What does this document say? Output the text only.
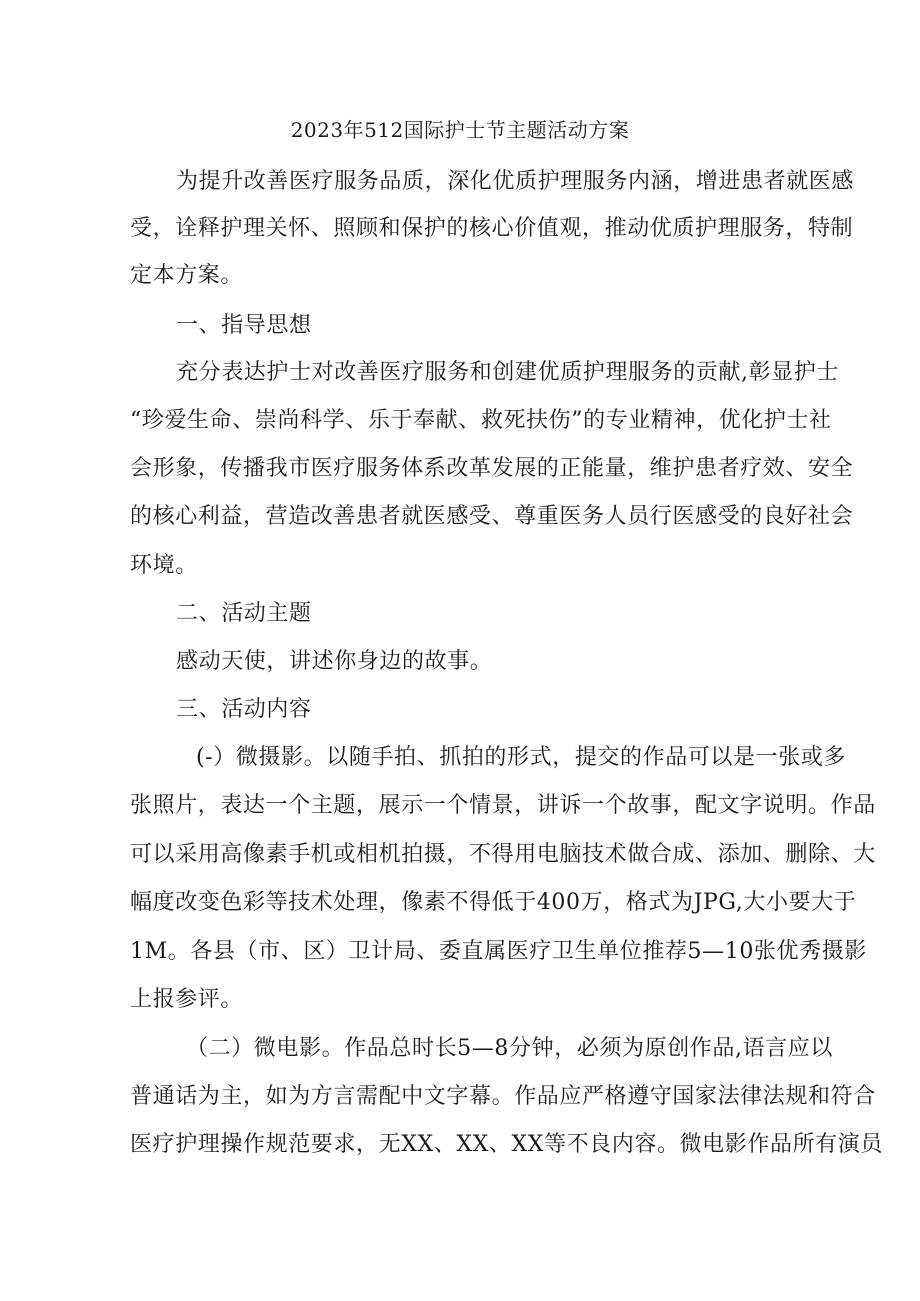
2023年512国际护士节主题活动方案
为提升改善医疗服务品质，深化优质护理服务内涵，增进患者就医感
受，诠释护理关怀、照顾和保护的核心价值观，推动优质护理服务，特制
定本方案。
一、指导思想
充分表达护士对改善医疗服务和创建优质护理服务的贡献,彰显护士
“珍爱生命、崇尚科学、乐于奉献、救死扶伤”的专业精神，优化护士社
会形象，传播我市医疗服务体系改革发展的正能量，维护患者疗效、安全
的核心利益，营造改善患者就医感受、尊重医务人员行医感受的良好社会
环境。
二、活动主题
感动天使，讲述你身边的故事。
三、活动内容
(-）微摄影。以随手拍、抓拍的形式，提交的作品可以是一张或多
张照片，表达一个主题，展示一个情景，讲诉一个故事，配文字说明。作品
可以采用高像素手机或相机拍摄，不得用电脑技术做合成、添加、删除、大
幅度改变色彩等技术处理，像素不得低于400万，格式为JPG,大小要大于
1M。各县（市、区）卫计局、委直属医疗卫生单位推荐5—10张优秀摄影
上报参评。
（二）微电影。作品总时长5—8分钟，必须为原创作品,语言应以
普通话为主，如为方言需配中文字幕。作品应严格遵守国家法律法规和符合
医疗护理操作规范要求，无XX、XX、XX等不良内容。微电影作品所有演员
